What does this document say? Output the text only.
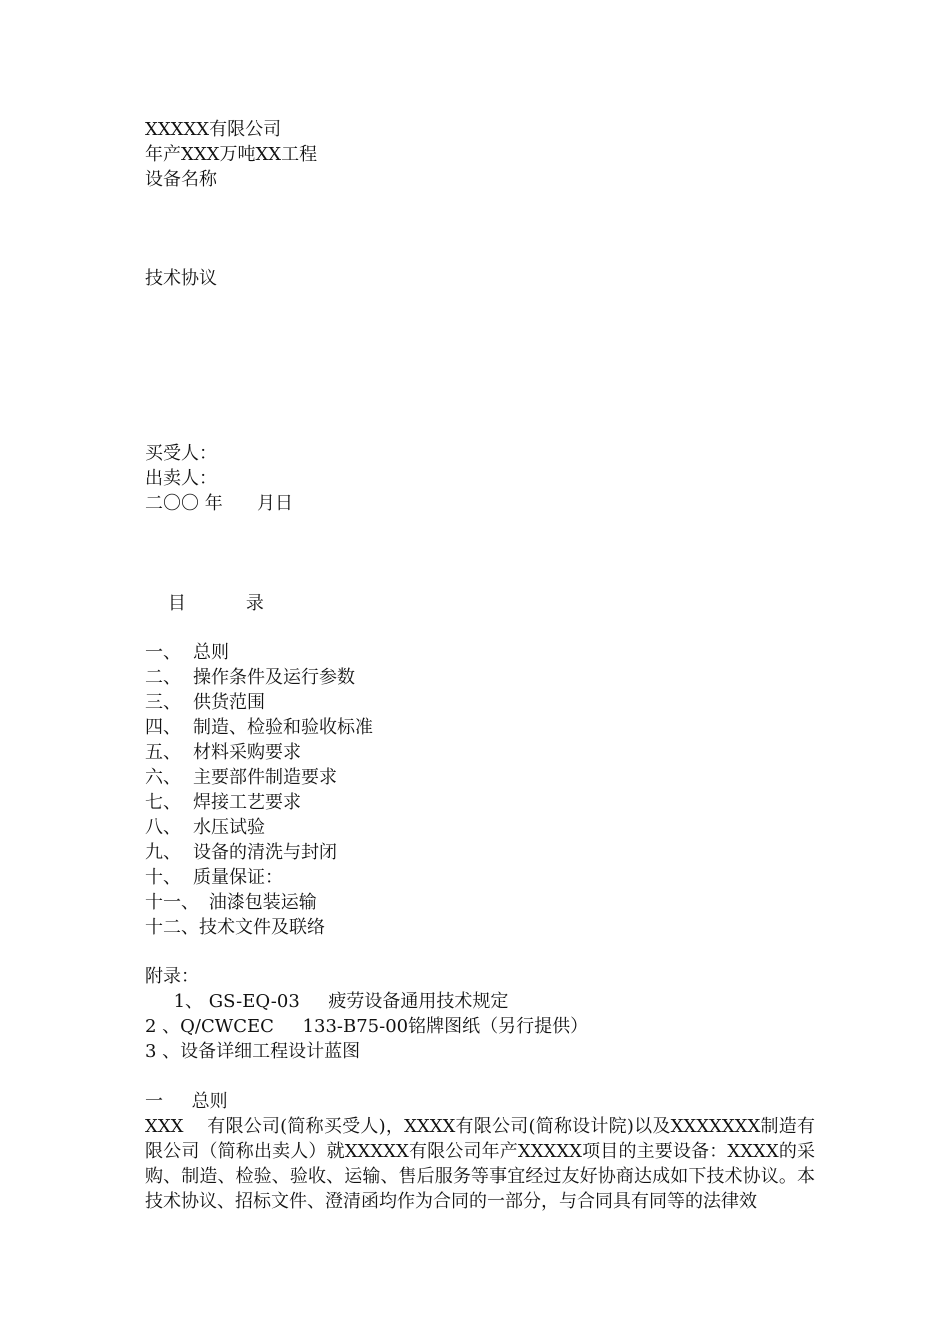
XXXXX有限公司
年产XXX万吨XX工程
设备名称
技术协议
买受人：
出卖人：
二〇〇 年      月日

目	录

一、 总则
二、 操作条件及运行参数
三、 供货范围
四、 制造、检验和验收标准
五、 材料采购要求
六、 主要部件制造要求
七、 焊接工艺要求
八、 水压试验
九、 设备的清洗与封闭
十、 质量保证：
十一、 油漆包装运输
十二、技术文件及联络
附录：
1、 GS-EQ-03     疲劳设备通用技术规定
2 、Q/CWCEC     133-B75-00铭牌图纸（另行提供）
3 、设备详细工程设计蓝图
一     总则
XXX    有限公司(简称买受人)，XXXX有限公司(简称设计院)以及XXXXXXX制造有限公司（简称出卖人）就XXXXX有限公司年产XXXXX项目的主要设备：XXXX的采购、制造、检验、验收、运输、售后服务等事宜经过友好协商达成如下技术协议。本技术协议、招标文件、澄清函均作为合同的一部分，与合同具有同等的法律效
